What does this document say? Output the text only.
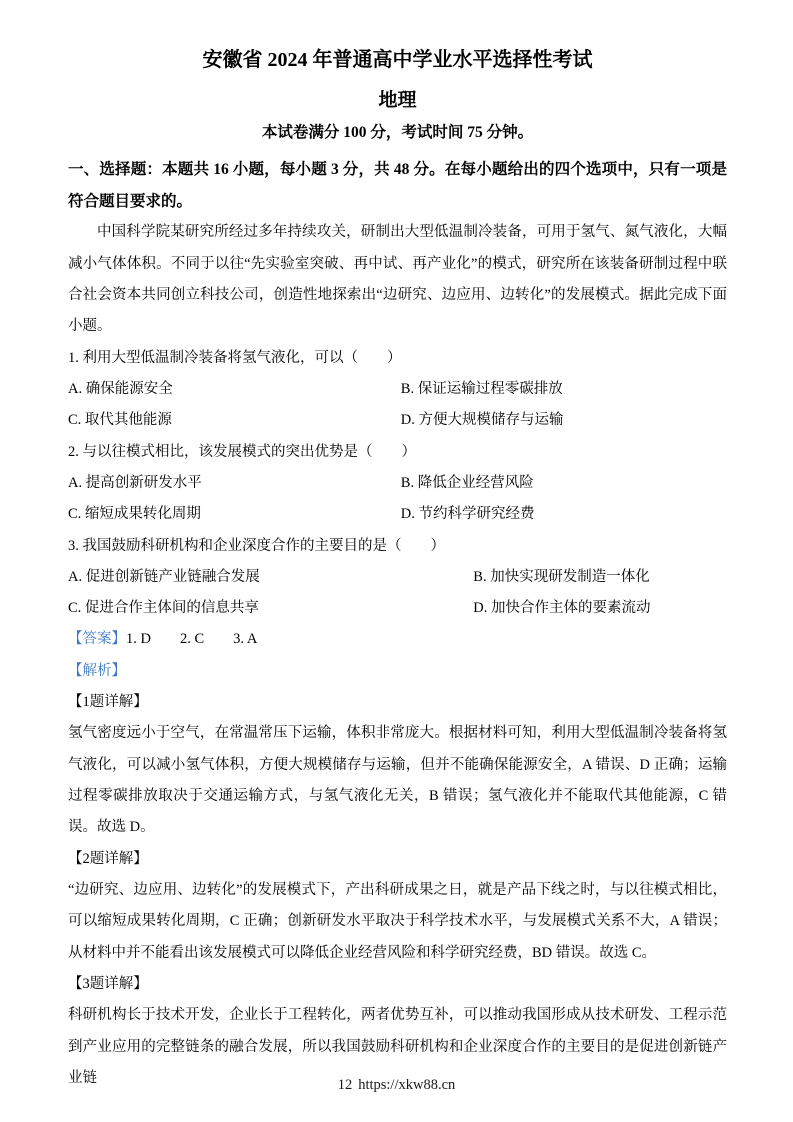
安徽省 2024 年普通高中学业水平选择性考试
地理
本试卷满分 100 分，考试时间 75 分钟。
一、选择题：本题共 16 小题，每小题 3 分，共 48 分。在每小题给出的四个选项中，只有一项是符合题目要求的。

中国科学院某研究所经过多年持续攻关，研制出大型低温制冷装备，可用于氢气、氮气液化，大幅减小气体体积。不同于以往“先实验室突破、再中试、再产业化”的模式，研究所在该装备研制过程中联合社会资本共同创立科技公司，创造性地探索出“边研究、边应用、边转化”的发展模式。据此完成下面小题。

1. 利用大型低温制冷装备将氢气液化，可以（　　）
A. 确保能源安全	B. 保证运输过程零碳排放
C. 取代其他能源	D. 方便大规模储存与运输
2. 与以往模式相比，该发展模式的突出优势是（　　）
A. 提高创新研发水平	B. 降低企业经营风险
C. 缩短成果转化周期	D. 节约科学研究经费
3. 我国鼓励科研机构和企业深度合作的主要目的是（　　）
A. 促进创新链产业链融合发展	B. 加快实现研发制造一体化
C. 促进合作主体间的信息共享	D. 加快合作主体的要素流动
【答案】1. D　　2. C　　3. A
【解析】
【1题详解】

氢气密度远小于空气，在常温常压下运输，体积非常庞大。根据材料可知，利用大型低温制冷装备将氢气液化，可以减小氢气体积，方便大规模储存与运输，但并不能确保能源安全，A 错误、D 正确；运输过程零碳排放取决于交通运输方式，与氢气液化无关，B 错误；氢气液化并不能取代其他能源，C 错误。故选 D。

【2题详解】

“边研究、边应用、边转化”的发展模式下，产出科研成果之日，就是产品下线之时，与以往模式相比，可以缩短成果转化周期，C 正确；创新研发水平取决于科学技术水平，与发展模式关系不大，A 错误；从材料中并不能看出该发展模式可以降低企业经营风险和科学研究经费，BD 错误。故选 C。

【3题详解】

科研机构长于技术开发，企业长于工程转化，两者优势互补，可以推动我国形成从技术研发、工程示范到产业应用的完整链条的融合发展，所以我国鼓励科研机构和企业深度合作的主要目的是促进创新链产业链	12 https://xkw88.cn
